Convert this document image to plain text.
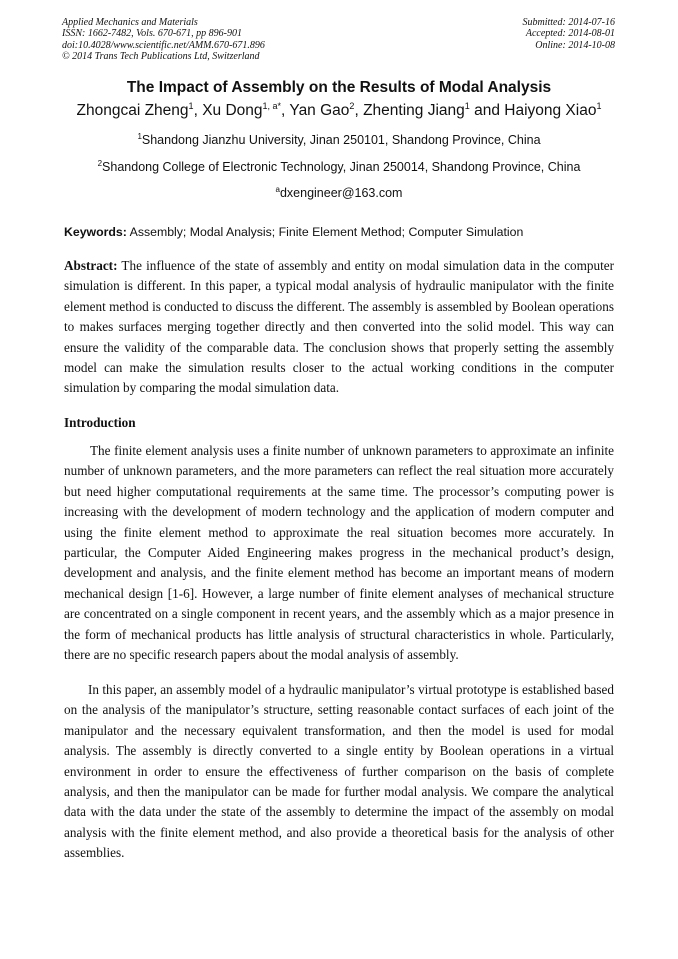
Applied Mechanics and Materials
ISSN: 1662-7482, Vols. 670-671, pp 896-901
doi:10.4028/www.scientific.net/AMM.670-671.896
© 2014 Trans Tech Publications Ltd, Switzerland
Submitted: 2014-07-16
Accepted: 2014-08-01
Online: 2014-10-08
The Impact of Assembly on the Results of Modal Analysis
Zhongcai Zheng$^1$, Xu Dong$^{1, a*}$, Yan Gao$^2$, Zhenting Jiang$^1$ and Haiyong Xiao$^1$
$^1$Shandong Jianzhu University, Jinan 250101, Shandong Province, China
$^2$Shandong College of Electronic Technology, Jinan 250014, Shandong Province, China
$^a$dxengineer@163.com
Keywords: Assembly; Modal Analysis; Finite Element Method; Computer Simulation
Abstract: The influence of the state of assembly and entity on modal simulation data in the computer simulation is different. In this paper, a typical modal analysis of hydraulic manipulator with the finite element method is conducted to discuss the different. The assembly is assembled by Boolean operations to makes surfaces merging together directly and then converted into the solid model. This way can ensure the validity of the comparable data. The conclusion shows that properly setting the assembly model can make the simulation results closer to the actual working conditions in the computer simulation by comparing the modal simulation data.
Introduction

The finite element analysis uses a finite number of unknown parameters to approximate an infinite number of unknown parameters, and the more parameters can reflect the real situation more accurately but need higher computational requirements at the same time. The processor’s computing power is increasing with the development of modern technology and the application of modern computer and using the finite element method to approximate the real situation becomes more accurately. In particular, the Computer Aided Engineering makes progress in the mechanical product’s design, development and analysis, and the finite element method has become an important means of modern mechanical design [1-6]. However, a large number of finite element analyses of mechanical structure are concentrated on a single component in recent years, and the assembly which as a major presence in the form of mechanical products has little analysis of structural characteristics in whole. Particularly, there are no specific research papers about the modal analysis of assembly.

In this paper, an assembly model of a hydraulic manipulator’s virtual prototype is established based on the analysis of the manipulator’s structure, setting reasonable contact surfaces of each joint of the manipulator and the necessary equivalent transformation, and then the model is used for modal analysis. The assembly is directly converted to a single entity by Boolean operations in a virtual environment in order to ensure the effectiveness of further comparison on the basis of complete analysis, and then the manipulator can be made for further modal analysis. We compare the analytical data with the data under the state of the assembly to determine the impact of the assembly on modal analysis with the finite element method, and also provide a theoretical basis for the analysis of other assemblies.
